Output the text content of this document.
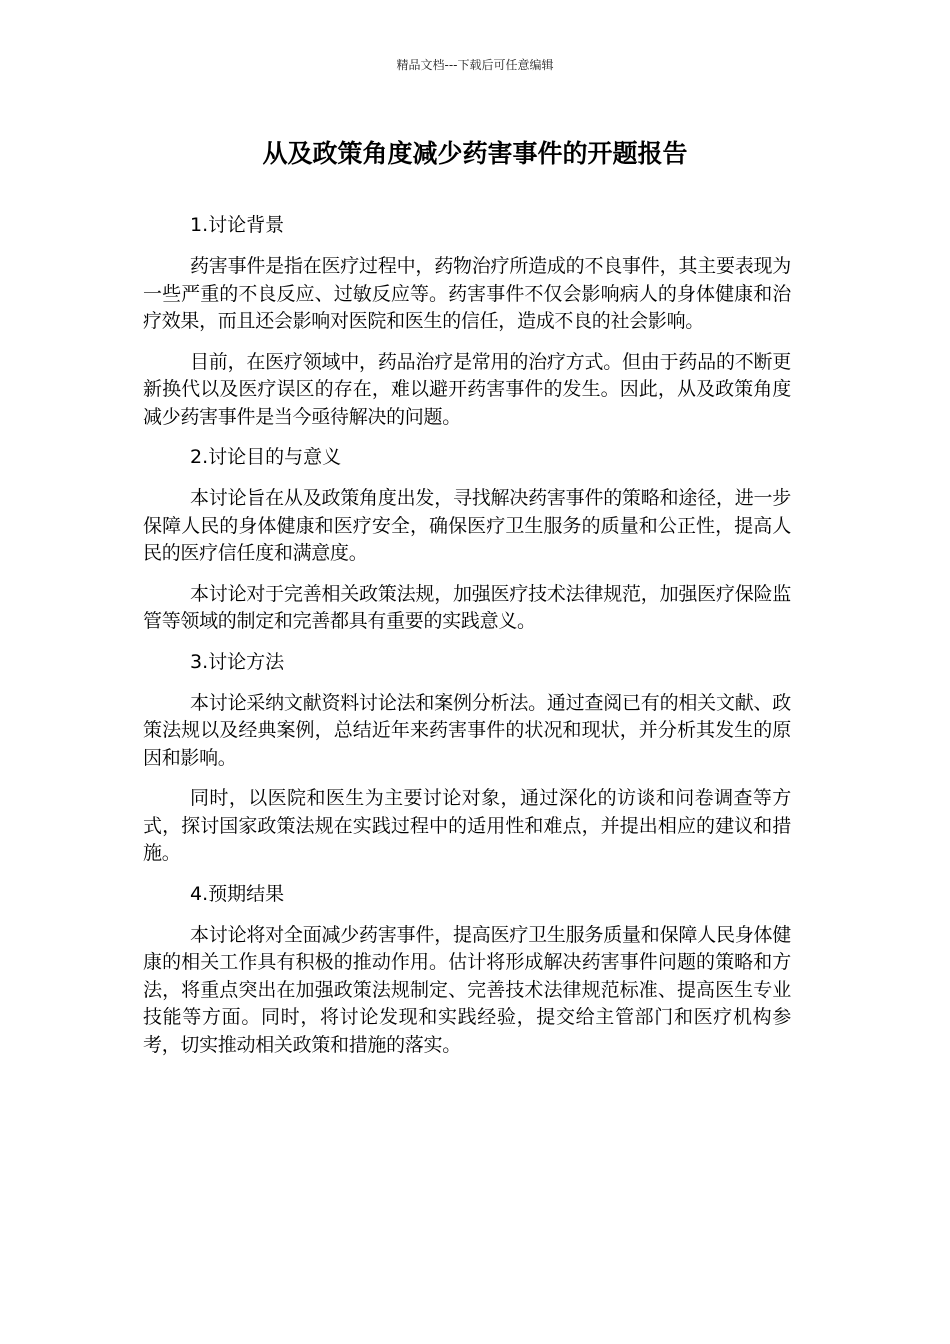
精品文档---下载后可任意编辑
从及政策角度减少药害事件的开题报告

1.讨论背景

药害事件是指在医疗过程中，药物治疗所造成的不良事件，其主要表现为一些严重的不良反应、过敏反应等。药害事件不仅会影响病人的身体健康和治疗效果，而且还会影响对医院和医生的信任，造成不良的社会影响。

目前，在医疗领域中，药品治疗是常用的治疗方式。但由于药品的不断更新换代以及医疗误区的存在，难以避开药害事件的发生。因此，从及政策角度减少药害事件是当今亟待解决的问题。

2.讨论目的与意义

本讨论旨在从及政策角度出发，寻找解决药害事件的策略和途径，进一步保障人民的身体健康和医疗安全，确保医疗卫生服务的质量和公正性，提高人民的医疗信任度和满意度。

本讨论对于完善相关政策法规，加强医疗技术法律规范，加强医疗保险监管等领域的制定和完善都具有重要的实践意义。

3.讨论方法

本讨论采纳文献资料讨论法和案例分析法。通过查阅已有的相关文献、政策法规以及经典案例，总结近年来药害事件的状况和现状，并分析其发生的原因和影响。

同时，以医院和医生为主要讨论对象，通过深化的访谈和问卷调查等方式，探讨国家政策法规在实践过程中的适用性和难点，并提出相应的建议和措施。

4.预期结果

本讨论将对全面减少药害事件，提高医疗卫生服务质量和保障人民身体健康的相关工作具有积极的推动作用。估计将形成解决药害事件问题的策略和方法，将重点突出在加强政策法规制定、完善技术法律规范标准、提高医生专业技能等方面。同时，将讨论发现和实践经验，提交给主管部门和医疗机构参考，切实推动相关政策和措施的落实。
